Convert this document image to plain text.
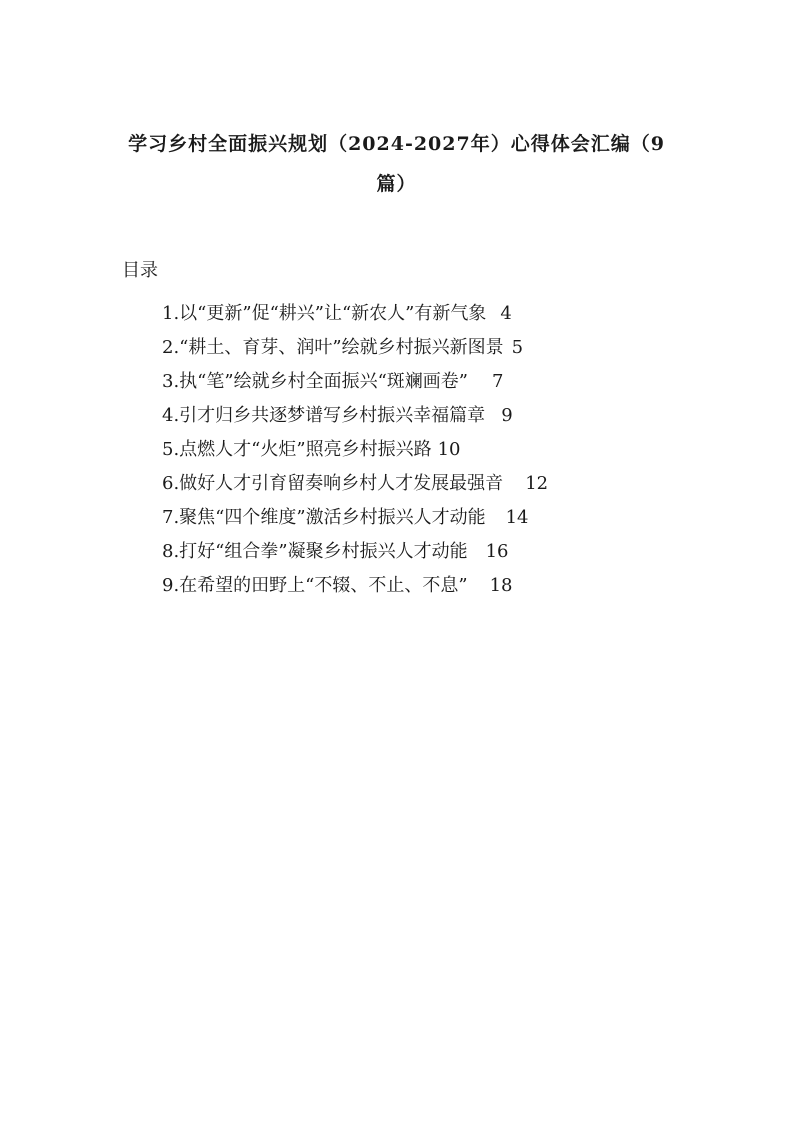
学习乡村全面振兴规划（2024-2027年）心得体会汇编（9篇）
目录
1.以“更新”促“耕兴”让“新农人”有新气象 4
2.“耕土、育芽、润叶”绘就乡村振兴新图景 5
3.执“笔”绘就乡村全面振兴“斑斓画卷” 7
4.引才归乡共逐梦谱写乡村振兴幸福篇章 9
5.点燃人才“火炬”照亮乡村振兴路 10
6.做好人才引育留奏响乡村人才发展最强音 12
7.聚焦“四个维度”激活乡村振兴人才动能 14
8.打好“组合拳”凝聚乡村振兴人才动能 16
9.在希望的田野上“不辍、不止、不息” 18
